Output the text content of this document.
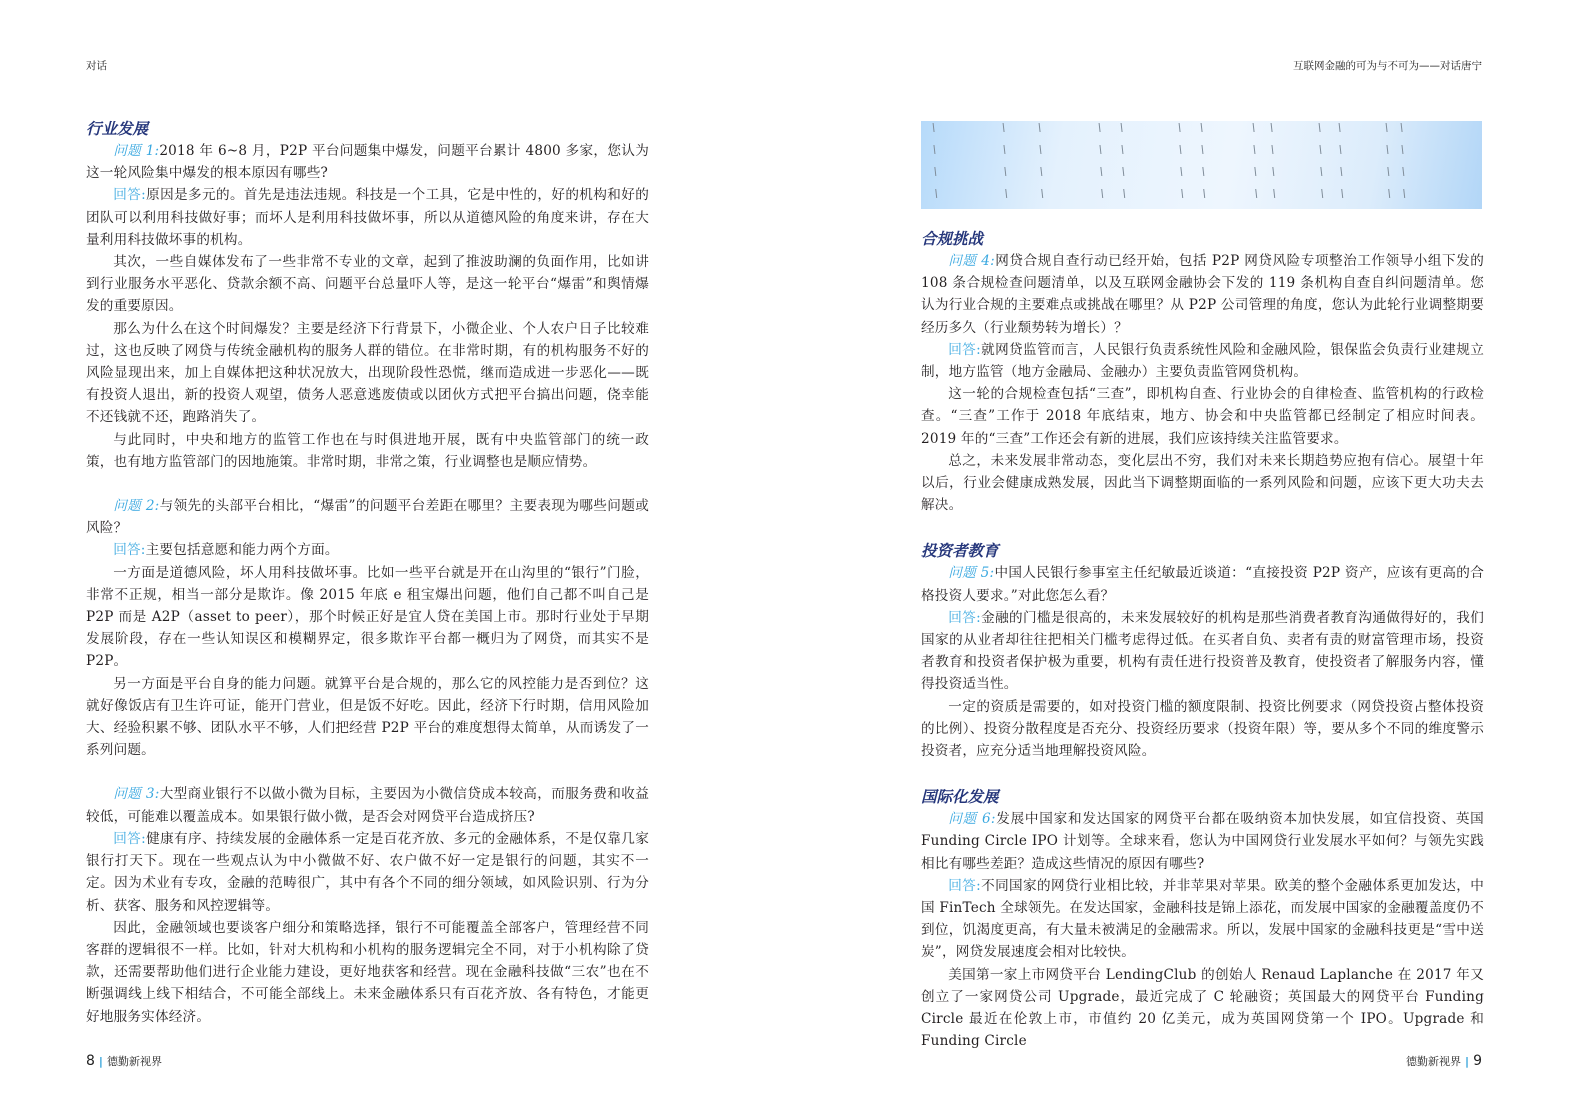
对话	互联网金融的可为与不可为——对话唐宁
行业发展

问题 1:2018 年 6~8 月，P2P 平台问题集中爆发，问题平台累计 4800 多家，您认为这一轮风险集中爆发的根本原因有哪些?

回答:原因是多元的。首先是违法违规。科技是一个工具，它是中性的，好的机构和好的团队可以利用科技做好事；而坏人是利用科技做坏事，所以从道德风险的角度来讲，存在大量利用科技做坏事的机构。

其次，一些自媒体发布了一些非常不专业的文章，起到了推波助澜的负面作用，比如讲到行业服务水平恶化、贷款余额不高、问题平台总量吓人等，是这一轮平台“爆雷”和舆情爆发的重要原因。

那么为什么在这个时间爆发？主要是经济下行背景下，小微企业、个人农户日子比较难过，这也反映了网贷与传统金融机构的服务人群的错位。在非常时期，有的机构服务不好的风险显现出来，加上自媒体把这种状况放大，出现阶段性恐慌，继而造成进一步恶化——既有投资人退出，新的投资人观望，债务人恶意逃废债或以团伙方式把平台搞出问题，侥幸能不还钱就不还，跑路消失了。

与此同时，中央和地方的监管工作也在与时俱进地开展，既有中央监管部门的统一政策，也有地方监管部门的因地施策。非常时期，非常之策，行业调整也是顺应情势。

问题 2:与领先的头部平台相比，“爆雷”的问题平台差距在哪里？主要表现为哪些问题或风险？

回答:主要包括意愿和能力两个方面。

一方面是道德风险，坏人用科技做坏事。比如一些平台就是开在山沟里的“银行”门脸，非常不正规，相当一部分是欺诈。像 2015 年底 e 租宝爆出问题，他们自己都不叫自己是 P2P 而是 A2P（asset to peer），那个时候正好是宜人贷在美国上市。那时行业处于早期发展阶段，存在一些认知误区和模糊界定，很多欺诈平台都一概归为了网贷，而其实不是 P2P。

另一方面是平台自身的能力问题。就算平台是合规的，那么它的风控能力是否到位？这就好像饭店有卫生许可证，能开门营业，但是饭不好吃。因此，经济下行时期，信用风险加大、经验积累不够、团队水平不够，人们把经营 P2P 平台的难度想得太简单，从而诱发了一系列问题。

问题 3:大型商业银行不以做小微为目标，主要因为小微信贷成本较高，而服务费和收益较低，可能难以覆盖成本。如果银行做小微，是否会对网贷平台造成挤压?

回答:健康有序、持续发展的金融体系一定是百花齐放、多元的金融体系，不是仅靠几家银行打天下。现在一些观点认为中小微做不好、农户做不好一定是银行的问题，其实不一定。因为术业有专攻，金融的范畴很广，其中有各个不同的细分领域，如风险识别、行为分析、获客、服务和风控逻辑等。

因此，金融领域也要谈客户细分和策略选择，银行不可能覆盖全部客户，管理经营不同客群的逻辑很不一样。比如，针对大机构和小机构的服务逻辑完全不同，对于小机构除了贷款，还需要帮助他们进行企业能力建设，更好地获客和经营。现在金融科技做“三农”也在不断强调线上线下相结合，不可能全部线上。未来金融体系只有百花齐放、各有特色，才能更好地服务实体经济。

合规挑战

问题 4:网贷合规自查行动已经开始，包括 P2P 网贷风险专项整治工作领导小组下发的 108 条合规检查问题清单，以及互联网金融协会下发的 119 条机构自查自纠问题清单。您认为行业合规的主要难点或挑战在哪里？从 P2P 公司管理的角度，您认为此轮行业调整期要经历多久（行业颓势转为增长）？

回答:就网贷监管而言，人民银行负责系统性风险和金融风险，银保监会负责行业建规立制，地方监管（地方金融局、金融办）主要负责监管网贷机构。

这一轮的合规检查包括“三查”，即机构自查、行业协会的自律检查、监管机构的行政检查。“三查”工作于 2018 年底结束，地方、协会和中央监管都已经制定了相应时间表。2019 年的“三查”工作还会有新的进展，我们应该持续关注监管要求。

总之，未来发展非常动态，变化层出不穷，我们对未来长期趋势应抱有信心。展望十年以后，行业会健康成熟发展，因此当下调整期面临的一系列风险和问题，应该下更大功夫去解决。

投资者教育

问题 5:中国人民银行参事室主任纪敏最近谈道：“直接投资 P2P 资产，应该有更高的合格投资人要求。”对此您怎么看？

回答:金融的门槛是很高的，未来发展较好的机构是那些消费者教育沟通做得好的，我们国家的从业者却往往把相关门槛考虑得过低。在买者自负、卖者有责的财富管理市场，投资者教育和投资者保护极为重要，机构有责任进行投资普及教育，使投资者了解服务内容，懂得投资适当性。

一定的资质是需要的，如对投资门槛的额度限制、投资比例要求（网贷投资占整体投资的比例）、投资分散程度是否充分、投资经历要求（投资年限）等，要从多个不同的维度警示投资者，应充分适当地理解投资风险。

国际化发展

问题 6:发展中国家和发达国家的网贷平台都在吸纳资本加快发展，如宜信投资、英国 Funding Circle IPO 计划等。全球来看，您认为中国网贷行业发展水平如何？与领先实践相比有哪些差距？造成这些情况的原因有哪些?

回答:不同国家的网贷行业相比较，并非苹果对苹果。欧美的整个金融体系更加发达，中国 FinTech 全球领先。在发达国家，金融科技是锦上添花，而发展中国家的金融覆盖度仍不到位，饥渴度更高，有大量未被满足的金融需求。所以，发展中国家的金融科技更是“雪中送炭”，网贷发展速度会相对比较快。

美国第一家上市网贷平台 LendingClub 的创始人 Renaud Laplanche 在 2017 年又创立了一家网贷公司 Upgrade，最近完成了 C 轮融资；英国最大的网贷平台 Funding Circle 最近在伦敦上市，市值约 20 亿美元，成为英国网贷第一个 IPO。Upgrade 和 Funding Circle

8 | 德勤新视界	德勤新视界 | 9
